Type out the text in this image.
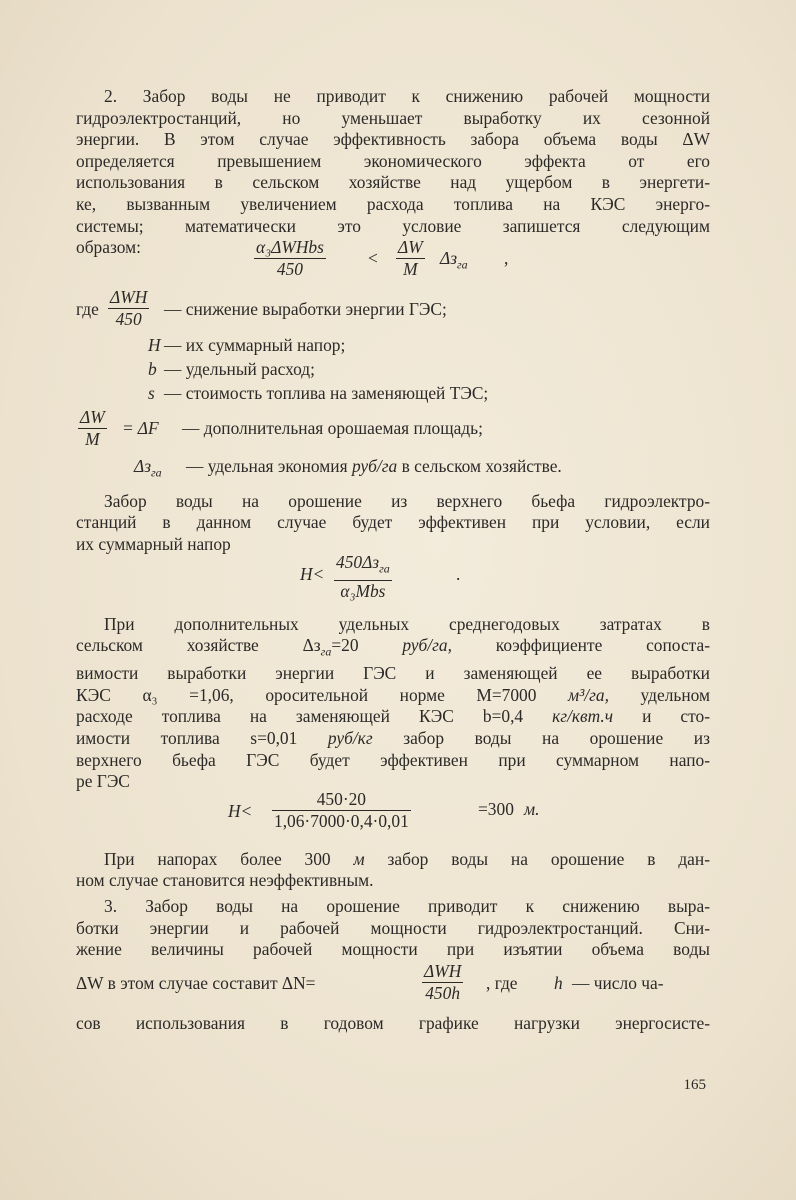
2. Забор воды не приводит к снижению рабочей мощности

гидроэлектростанций, но уменьшает выработку их сезонной

энергии. В этом случае эффективность забора объема воды ΔW

определяется превышением экономического эффекта от его

использования в сельском хозяйстве над ущербом в энергети-

ке, вызванным увеличением расхода топлива на КЭС энерго-

системы; математически это условие запишется следующим

образом:	α₃ΔWHbs
450
< $\frac{\Delta W}{M} \Delta з_{га}$ ,
где
ΔWH
450
— снижение выработки энергии ГЭС;
H — их суммарный напор;
b — удельный расход;
s — стоимость топлива на заменяющей ТЭС;
$\frac{\Delta W}{M} = \Delta F$ — дополнительная орошаемая площадь;
$\Delta з_{га}$ — удельная экономия руб/га в сельском хозяйстве.

Забор воды на орошение из верхнего бьефа гидроэлектро-

станций в данном случае будет эффективен при условии, если

их суммарный напор

H<
$450\Delta з_{га}$
α₃Mbs
.

При дополнительных удельных среднегодовых затратах в

сельском хозяйстве $\Delta з_{га}=20$	руб/га,	коэффициенте сопоста-

вимости выработки энергии ГЭС и заменяющей ее выработки

КЭС α₃ =1,06, оросительной норме M=7000 м³/га, удельном

расходе топлива на заменяющей КЭС b=0,4 кг/квт.ч и сто-

имости топлива s=0,01 руб/кг забор воды на орошение из

верхнего бьефа ГЭС будет эффективен при суммарном напо-

ре ГЭС

$H< \frac{450\cdot 20}{1,06\cdot 7000\cdot 0,4\cdot 0,01}$	=300 м.

При напорах более 300 м забор воды на орошение в дан-

ном случае становится неэффективным.

3. Забор воды на орошение приводит к снижению выра-

ботки энергии и рабочей мощности гидроэлектростанций. Сни-

жение величины рабочей мощности при изъятии объема воды

ΔW в этом случае составит ΔN=
ΔWH
450h
, где h — число ча-

сов использования в годовом графике нагрузки энергосисте-

165
